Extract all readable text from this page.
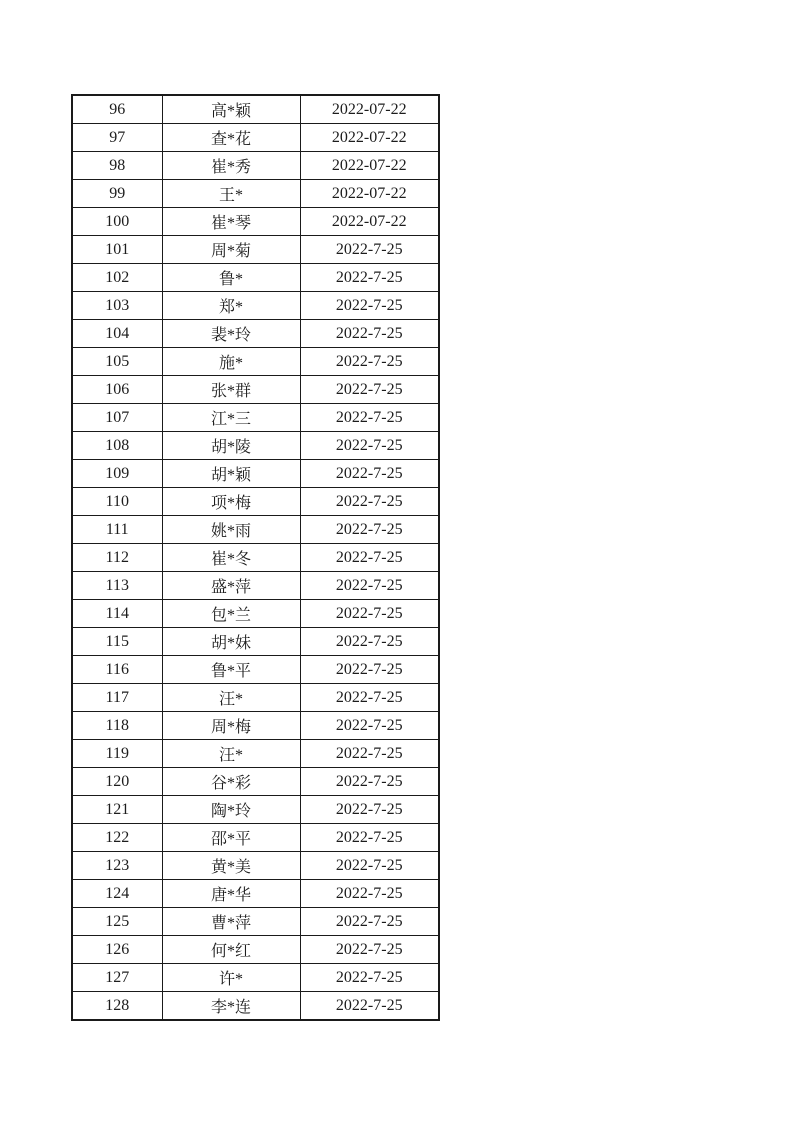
96	高*颖	2022-07-22
97	查*花	2022-07-22
98	崔*秀	2022-07-22
99	王*	2022-07-22
100	崔*琴	2022-07-22
101	周*菊	2022-7-25
102	鲁*	2022-7-25
103	郑*	2022-7-25
104	裴*玲	2022-7-25
105	施*	2022-7-25
106	张*群	2022-7-25
107	江*三	2022-7-25
108	胡*陵	2022-7-25
109	胡*颖	2022-7-25
110	项*梅	2022-7-25
111	姚*雨	2022-7-25
112	崔*冬	2022-7-25
113	盛*萍	2022-7-25
114	包*兰	2022-7-25
115	胡*妹	2022-7-25
116	鲁*平	2022-7-25
117	汪*	2022-7-25
118	周*梅	2022-7-25
119	汪*	2022-7-25
120	谷*彩	2022-7-25
121	陶*玲	2022-7-25
122	邵*平	2022-7-25
123	黄*美	2022-7-25
124	唐*华	2022-7-25
125	曹*萍	2022-7-25
126	何*红	2022-7-25
127	许*	2022-7-25
128	李*连	2022-7-25
